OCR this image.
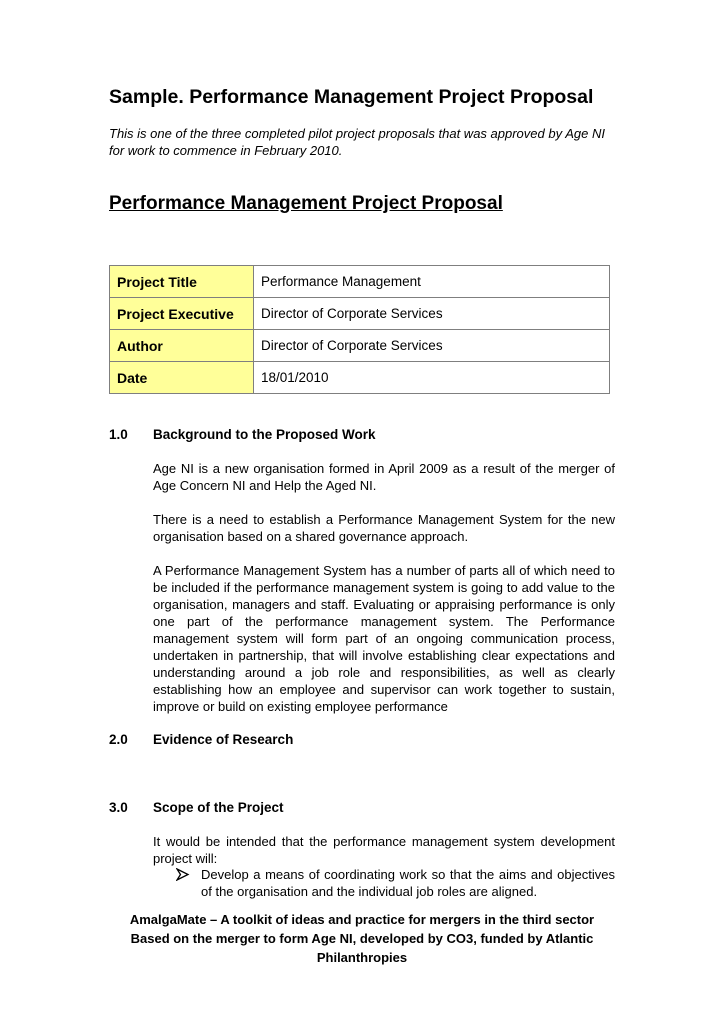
Sample. Performance Management Project Proposal

This is one of the three completed pilot project proposals that was approved by Age NI for work to commence in February 2010.

Performance Management Project Proposal
Project Title	Performance Management
Project Executive	Director of Corporate Services
Author	Director of Corporate Services
Date	18/01/2010
1.0 Background to the Proposed Work

Age NI is a new organisation formed in April 2009 as a result of the merger of Age Concern NI and Help the Aged NI.

There is a need to establish a Performance Management System for the new organisation based on a shared governance approach.

A Performance Management System has a number of parts all of which need to be included if the performance management system is going to add value to the organisation, managers and staff. Evaluating or appraising performance is only one part of the performance management system. The Performance management system will form part of an ongoing communication process, undertaken in partnership, that will involve establishing clear expectations and understanding around a job role and responsibilities, as well as clearly establishing how an employee and supervisor can work together to sustain, improve or build on existing employee performance

2.0 Evidence of Research
3.0 Scope of the Project

It would be intended that the performance management system development project will:

Develop a means of coordinating work so that the aims and objectives of the organisation and the individual job roles are aligned.

AmalgaMate – A toolkit of ideas and practice for mergers in the third sector
Based on the merger to form Age NI, developed by CO3, funded by Atlantic Philanthropies
